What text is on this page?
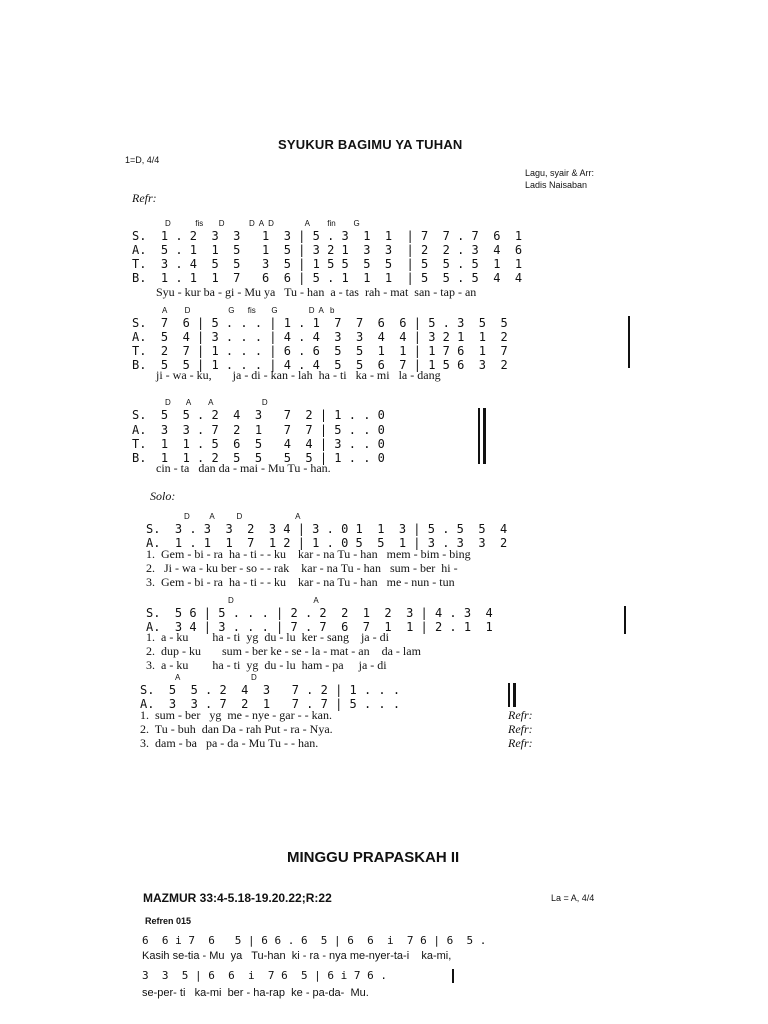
SYUKUR BAGIMU YA TUHAN
1=D, 4/4
Lagu, syair & Arr:
Ladis Naisaban
Refr:
D           fis       D           D  A  D              A        fin        G
S.  1 . 2  3  3   1  3 | 5 . 3  1  1  | 7  7 . 7  6  1
A.  5 . 1  1  5   1  5 | 3 2 1  3  3  | 2  2 . 3  4  6
T.  3 . 4  5  5   3  5 | 1 5 5  5  5  | 5  5 . 5  1  1
B.  1 . 1  1  7   6  6 | 5 . 1  1  1  | 5  5 . 5  4  4
Syu - kur ba - gi - Mu ya   Tu - han  a - tas  rah - mat  san - tap - an
A        D                 G      fis       G              D  A   b
S.  7  6 | 5 . . . | 1 . 1  7  7  6  6 | 5 . 3  5  5
A.  5  4 | 3 . . . | 4 . 4  3  3  4  4 | 3 2 1  1  2
T.  2  7 | 1 . . . | 6 . 6  5  5  1  1 | 1 7 6  1  7
B.  5  5 | 1 . . . | 4 . 4  5  5  6  7 | 1 5 6  3  2
ji - wa - ku,       ja - di - kan - lah  ha - ti   ka - mi   la - dang
D       A        A                      D
S.  5  5 . 2  4  3   7  2 | 1 . . 0
A.  3  3 . 7  2  1   7  7 | 5 . . 0
T.  1  1 . 5  6  5   4  4 | 3 . . 0
B.  1  1 . 2  5  5   5  5 | 1 . . 0
cin - ta   dan da - mai - Mu Tu - han.
Solo:
D         A          D                        A
S.  3 . 3  3  2  3 4 | 3 . 0 1  1  3 | 5 . 5  5  4
A.  1 . 1  1  7  1 2 | 1 . 0 5  5  1 | 3 . 3  3  2
1.  Gem - bi - ra  ha - ti - - ku    kar - na Tu - han   mem - bim - bing
2.   Ji - wa - ku ber - so - - rak    kar - na Tu - han   sum - ber  hi -
3.  Gem - bi - ra  ha - ti - - ku    kar - na Tu - han   me - nun - tun
D                                    A
S.  5 6 | 5 . . . | 2 . 2  2  1  2  3 | 4 . 3  4
A.  3 4 | 3 . . . | 7 . 7  6  7  1  1 | 2 . 1  1
1.  a - ku        ha - ti  yg  du - lu  ker - sang    ja - di
2.  dup - ku       sum - ber ke - se - la - mat - an    da - lam
3.  a - ku        ha - ti  yg  du - lu  ham - pa     ja - di
A                                D
S.  5  5 . 2  4  3   7 . 2 | 1 . . .
A.  3  3 . 7  2  1   7 . 7 | 5 . . .
1.  sum - ber   yg  me - nye - gar - - kan.
2.  Tu - buh  dan Da - rah Put - ra - Nya.
3.  dam - ba   pa - da - Mu Tu - - han.
Refr:
Refr:
Refr:
MINGGU PRAPASKAH II
MAZMUR 33:4-5.18-19.20.22;R:22	La = A, 4/4
Refren 015
6  6 i 7  6   5 | 6 6 . 6  5 | 6  6  i  7 6 | 6  5 .
Kasih se-tia - Mu  ya   Tu-han  ki - ra - nya me-nyer-ta-i    ka-mi,
3  3  5 | 6  6  i  7 6  5 | 6 i 7 6 .
se-per- ti   ka-mi  ber - ha-rap  ke - pa-da-  Mu.
